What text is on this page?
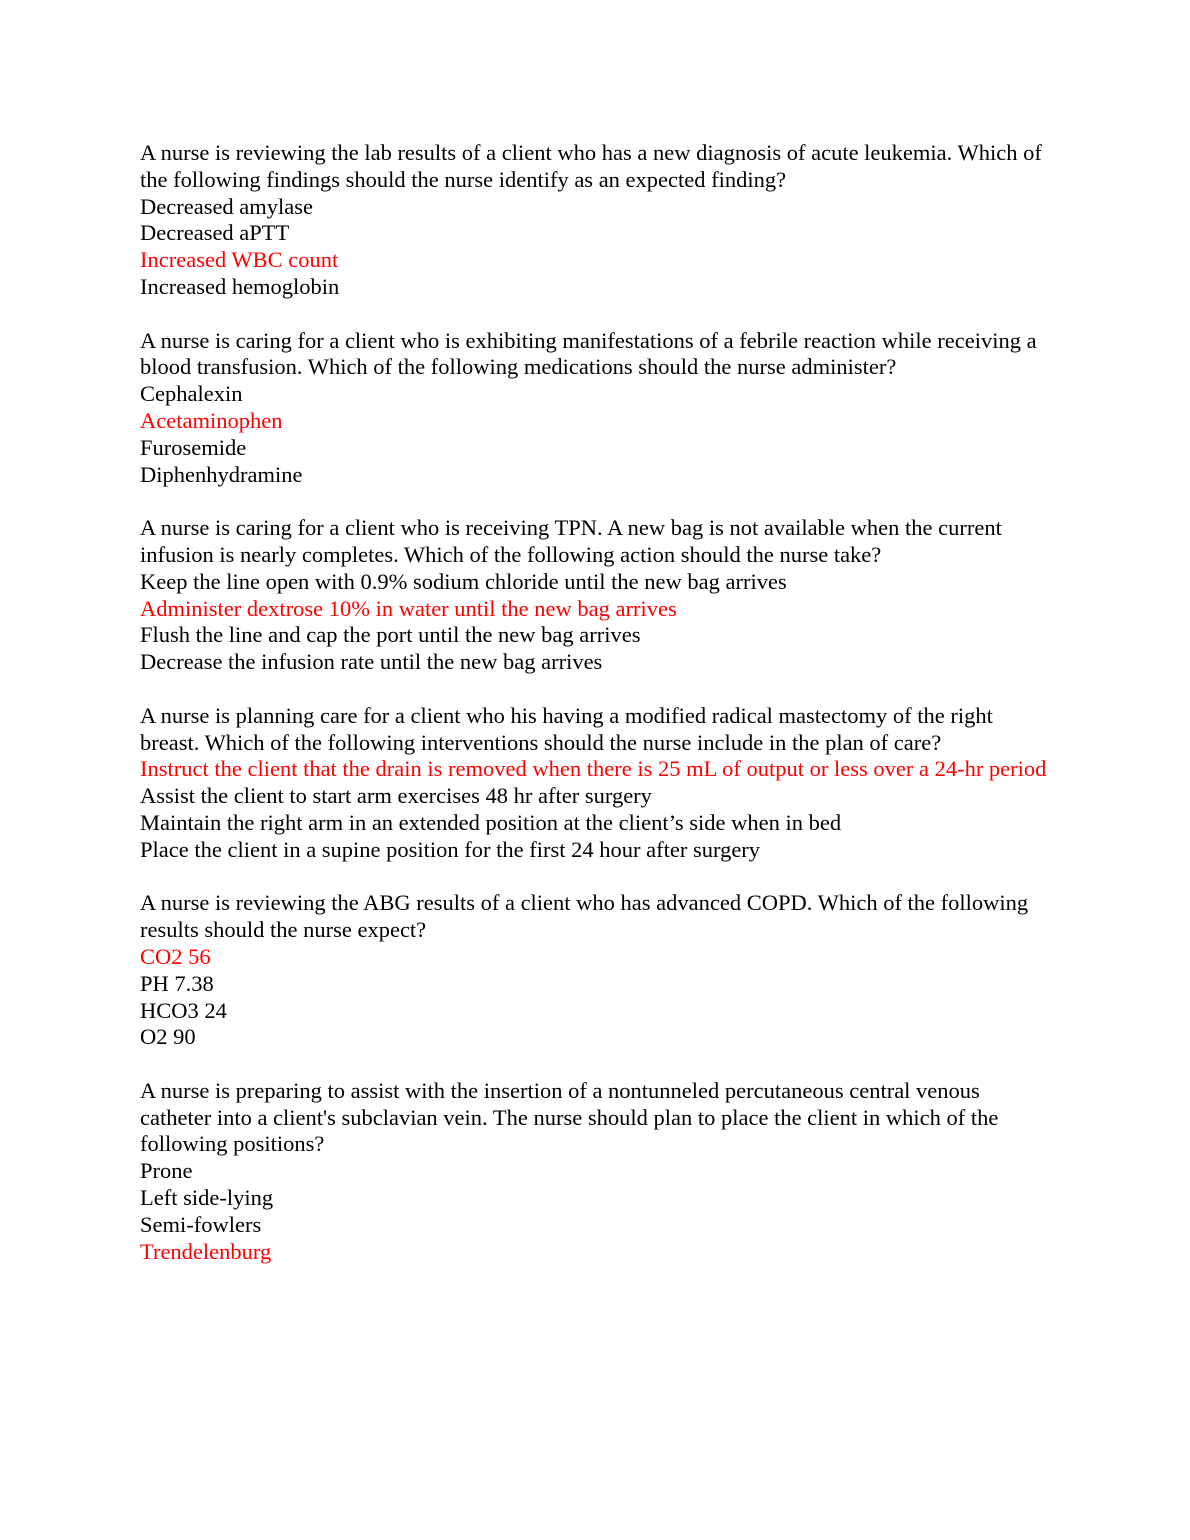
A nurse is reviewing the lab results of a client who has a new diagnosis of acute leukemia. Which of the following findings should the nurse identify as an expected finding?

Decreased amylase
Decreased aPTT
Increased WBC count
Increased hemoglobin

A nurse is caring for a client who is exhibiting manifestations of a febrile reaction while receiving a blood transfusion. Which of the following medications should the nurse administer?

Cephalexin
Acetaminophen
Furosemide
Diphenhydramine

A nurse is caring for a client who is receiving TPN. A new bag is not available when the current infusion is nearly completes. Which of the following action should the nurse take?

Keep the line open with 0.9% sodium chloride until the new bag arrives
Administer dextrose 10% in water until the new bag arrives
Flush the line and cap the port until the new bag arrives
Decrease the infusion rate until the new bag arrives

A nurse is planning care for a client who his having a modified radical mastectomy of the right breast. Which of the following interventions should the nurse include in the plan of care?

Instruct the client that the drain is removed when there is 25 mL of output or less over a 24-hr period
Assist the client to start arm exercises 48 hr after surgery
Maintain the right arm in an extended position at the client’s side when in bed
Place the client in a supine position for the first 24 hour after surgery

A nurse is reviewing the ABG results of a client who has advanced COPD. Which of the following results should the nurse expect?

CO2 56
PH 7.38
HCO3 24
O2 90

A nurse is preparing to assist with the insertion of a nontunneled percutaneous central venous catheter into a client's subclavian vein. The nurse should plan to place the client in which of the following positions?

Prone
Left side-lying
Semi-fowlers
Trendelenburg
